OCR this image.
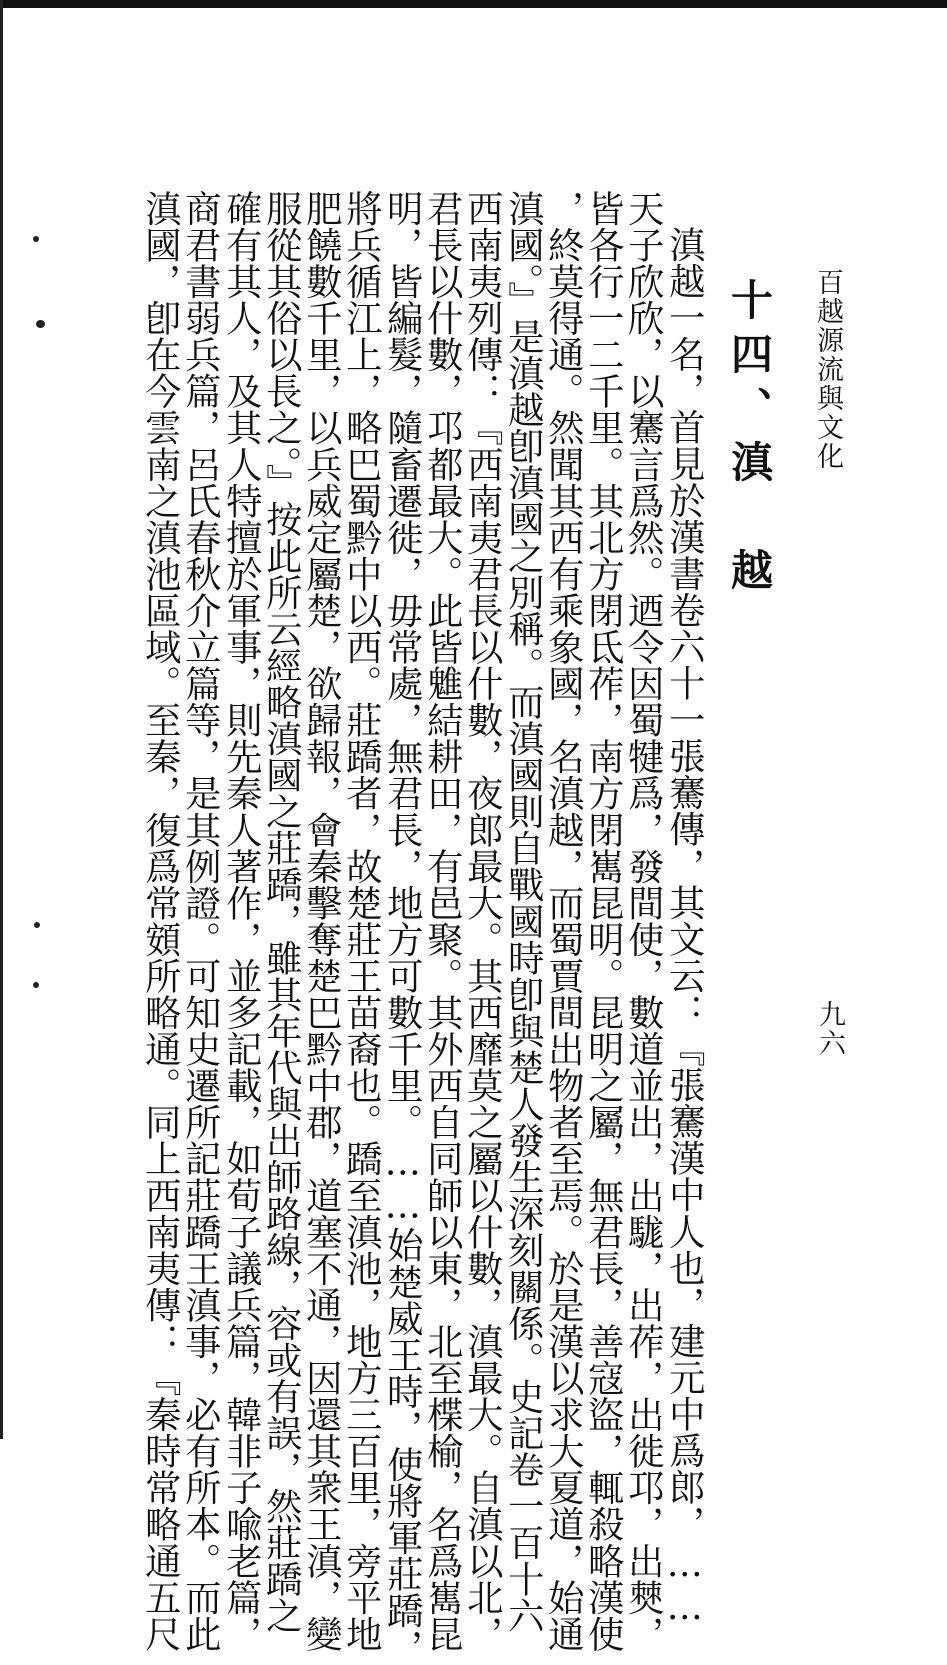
百越源流與文化
九六
十四、滇　越
滇越一名，首見於漢書卷六十一張騫傳，其文云：『張騫漢中人也，建元中爲郎，……
天子欣欣，以騫言爲然。迺令因蜀犍爲，發間使，數道並出，出駹，出莋，出徙邛，出僰，
皆各行一二千里。其北方閉氐莋，南方閉嶲昆明。昆明之屬，無君長，善寇盜，輒殺略漢使
，終莫得通。然聞其西有乘象國，名滇越，而蜀賈間出物者至焉。於是漢以求大夏道，始通
滇國。』是滇越卽滇國之別稱。而滇國則自戰國時卽與楚人發生深刻關係。史記卷一百十六
西南夷列傳：『西南夷君長以什數，夜郎最大。其西靡莫之屬以什數，滇最大。自滇以北，
君長以什數，邛都最大。此皆魋結耕田，有邑聚。其外西自同師以東，北至楪榆，名爲嶲昆
明，皆編髮，隨畜遷徙，毋常處，無君長，地方可數千里。……始楚威王時，使將軍莊蹻，
將兵循江上，略巴蜀黔中以西。莊蹻者，故楚莊王苗裔也。蹻至滇池，地方三百里，旁平地
肥饒數千里，以兵威定屬楚，欲歸報，會秦擊奪楚巴黔中郡，道塞不通，因還其衆王滇，變
服從其俗以長之。』按此所云經略滇國之莊蹻，雖其年代與出師路線，容或有誤，然莊蹻之
確有其人，及其人特擅於軍事，則先秦人著作，並多記載，如荀子議兵篇，韓非子喩老篇，
商君書弱兵篇，呂氏春秋介立篇等，是其例證。可知史遷所記莊蹻王滇事，必有所本。而此
滇國，卽在今雲南之滇池區域。至秦，復爲常頞所略通。同上西南夷傳：『秦時常略通五尺
